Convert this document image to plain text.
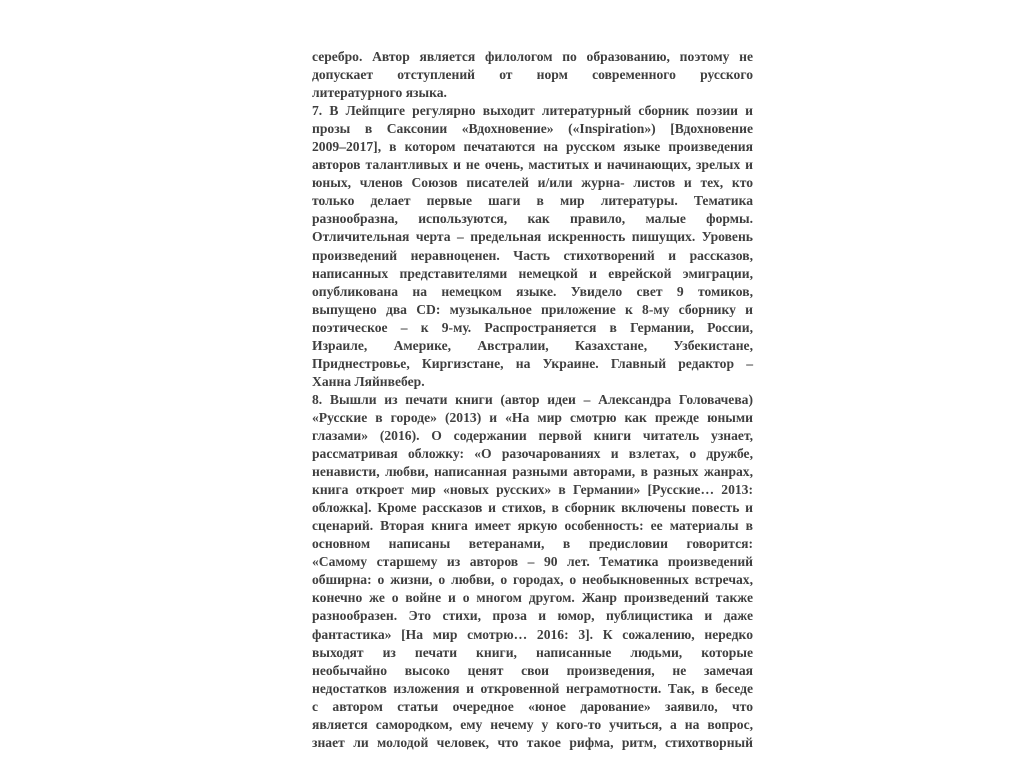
серебро. Автор является филологом по образованию, поэтому не
допускает отступлений от норм современного русского
литературного языка.
7. В Лейпциге регулярно выходит литературный сборник поэзии и
прозы в Саксонии «Вдохновение» («Inspiration») [Вдохновение
2009–2017], в котором печатаются на русском языке произведения
авторов талантливых и не очень, маститых и начинающих, зрелых и
юных, членов Союзов писателей и/или журна- листов и тех, кто
только делает первые шаги в мир литературы. Тематика
разнообразна, используются, как правило, малые формы.
Отличительная черта – предельная искренность пишущих. Уровень
произведений неравноценен. Часть стихотворений и рассказов,
написанных представителями немецкой и еврейской эмиграции,
опубликована на немецком языке. Увидело свет 9 томиков,
выпущено два CD: музыкальное приложение к 8-му сборнику и
поэтическое – к 9-му. Распространяется в Германии, России,
Израиле, Америке, Австралии, Казахстане, Узбекистане,
Приднестровье, Киргизстане, на Украине. Главный редактор –
Ханна Ляйнвебер.
8. Вышли из печати книги (автор идеи – Александра Головачева)
«Русские в городе» (2013) и «На мир смотрю как прежде юными
глазами» (2016). О содержании первой книги читатель узнает,
рассматривая обложку: «О разочарованиях и взлетах, о дружбе,
ненависти, любви, написанная разными авторами, в разных жанрах,
книга откроет мир «новых русских» в Германии» [Русские… 2013:
обложка]. Кроме рассказов и стихов, в сборник включены повесть и
сценарий. Вторая книга имеет яркую особенность: ее материалы в
основном написаны ветеранами, в предисловии говорится:
«Самому старшему из авторов – 90 лет. Тематика произведений
обширна: о жизни, о любви, о городах, о необыкновенных встречах,
конечно же о войне и о многом другом. Жанр произведений также
разнообразен. Это стихи, проза и юмор, публицистика и даже
фантастика» [На мир смотрю… 2016: 3]. К сожалению, нередко
выходят из печати книги, написанные людьми, которые
необычайно высоко ценят свои произведения, не замечая
недостатков изложения и откровенной неграмотности. Так, в беседе
с автором статьи очередное «юное дарование» заявило, что
является самородком, ему нечему у кого-то учиться, а на вопрос,
знает ли молодой человек, что такое рифма, ритм, стихотворный
